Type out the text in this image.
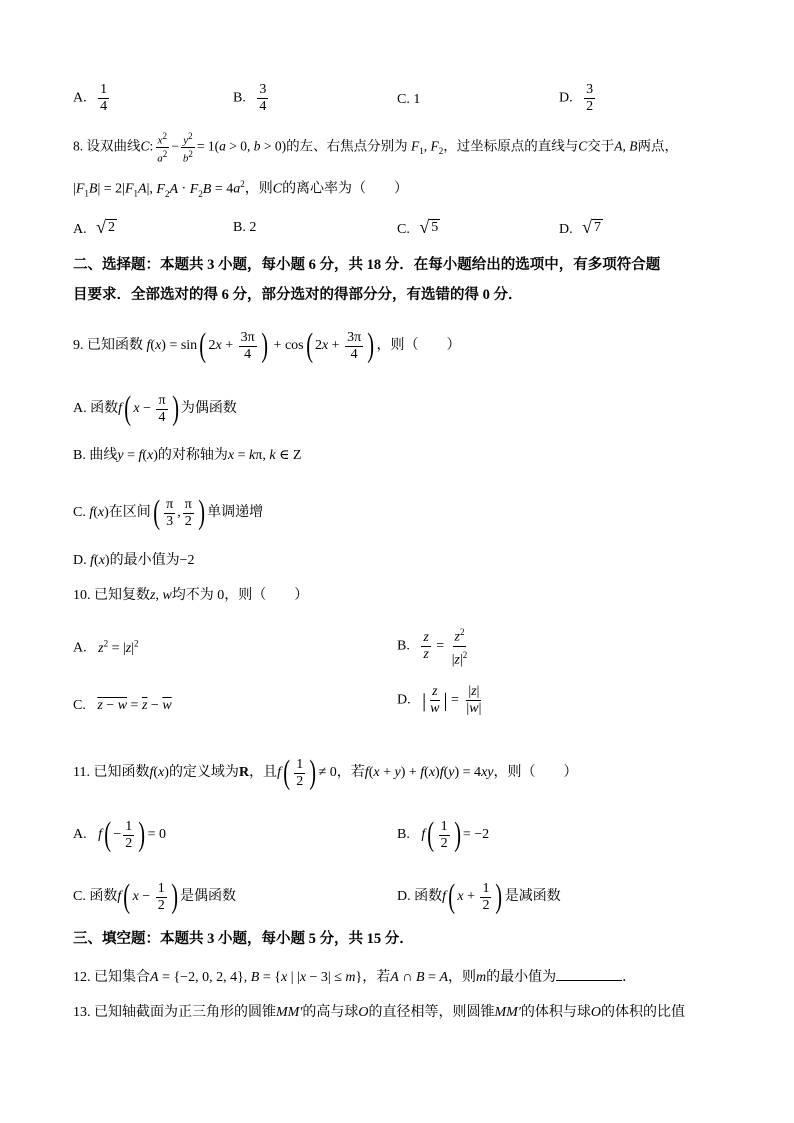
A. $\frac{1}{4}$	B. $\frac{3}{4}$	C. 1	D. $\frac{3}{2}$
8. 设双曲线C: $\frac{x^2}{a^2} - \frac{y^2}{b^2} = 1(a > 0$, b > 0)的左、右焦点分别为 $F_1$, $F_2$，过坐标原点的直线与C交于A, B两点，
$|F_1B| = 2|F_1A|$, $F_2A \cdot F_2B = 4a^2$，则C的离心率为（　　）
A. √ 2	B. 2	C. √ 5	D. √ 7
二、选择题：本题共 3 小题，每小题 6 分，共 18 分．在每小题给出的选项中，有多项符合题
目要求．全部选对的得 6 分，部分选对的得部分分，有选错的得 0 分．
9. 已知函数 f(x) = sin( $2x + \frac{3\pi}{4}$ ) + cos( $2x + \frac{3\pi}{4}$ ) ，则（　　）
A. 函数f( $x - \frac{\pi}{4}$ ) 为偶函数
B. 曲线y = f(x)的对称轴为x = kπ, k ∈ Z
C. f(x)在区间( $\frac{\pi}{3}$ , $\frac{\pi}{2}$ ) 单调递增
D. f(x)的最小值为−2
10. 已知复数z, w均不为 0，则（　　）
A. $z^2 = |z|^2$	B. $\frac{z}{z} = \frac{z^2}{|z|^2}$
C. $z - w = \overline{z} - \overline{w}$	D. | $\frac{z}{w}$ | = $\frac{|z|}{|w|}$
11. 已知函数f(x)的定义域为R，且$f( \frac{1}{2}$ ) ≠ 0，若f(x + y) + f(x)f(y) = 4xy，则（　　）
A. $f( - \frac{1}{2}$ ) = 0	B. $f( \frac{1}{2}$ ) = −2
C. 函数f( $x - \frac{1}{2}$ ) 是偶函数	D. 函数f( $x + \frac{1}{2}$ ) 是减函数
三、填空题：本题共 3 小题，每小题 5 分，共 15 分．
12. 已知集合A = {−2, 0, 2, 4}, B = {x | |x − 3| ≤ m}，若A ∩ B = A，则m的最小值为	．
13. 已知轴截面为正三角形的圆锥MM′的高与球O的直径相等，则圆锥MM′的体积与球O的体积的比值
